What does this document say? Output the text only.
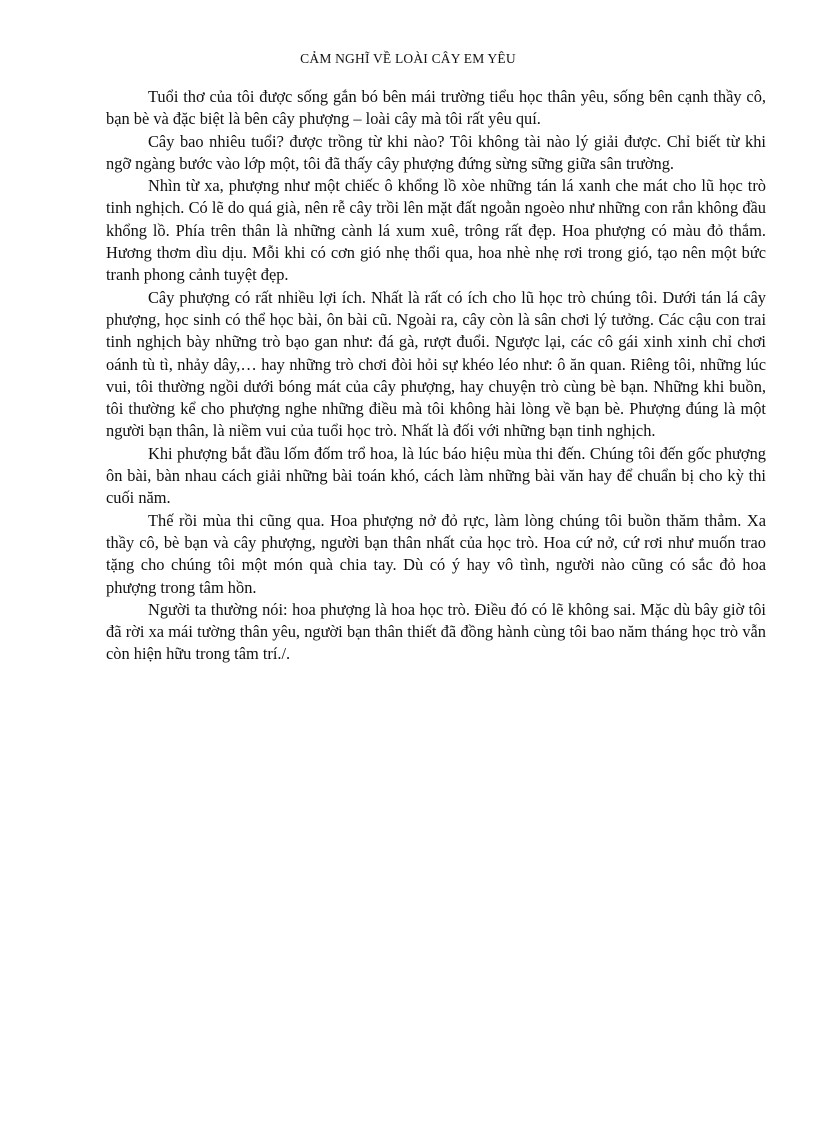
CẢM NGHĨ VỀ LOÀI CÂY EM YÊU

Tuổi thơ của tôi được sống gắn bó bên mái trường tiểu học thân yêu, sống bên cạnh thầy cô, bạn bè và đặc biệt là bên cây phượng – loài cây mà tôi rất yêu quí.

Cây bao nhiêu tuổi? được trồng từ khi nào? Tôi không tài nào lý giải được. Chỉ biết từ khi ngỡ ngàng bước vào lớp một, tôi đã thấy cây phượng đứng sừng sững giữa sân trường.

Nhìn từ xa, phượng như một chiếc ô khổng lồ xòe những tán lá xanh che mát cho lũ học trò tinh nghịch. Có lẽ do quá già, nên rễ cây trồi lên mặt đất ngoằn ngoèo như những con rắn không đầu khổng lồ. Phía trên thân là những cành lá xum xuê, trông rất đẹp. Hoa phượng có màu đỏ thắm. Hương thơm dìu dịu. Mỗi khi có cơn gió nhẹ thổi qua, hoa nhè nhẹ rơi trong gió, tạo nên một bức tranh phong cảnh tuyệt đẹp.

Cây phượng có rất nhiều lợi ích. Nhất là rất có ích cho lũ học trò chúng tôi. Dưới tán lá cây phượng, học sinh có thể học bài, ôn bài cũ. Ngoài ra, cây còn là sân chơi lý tưởng. Các cậu con trai tinh nghịch bày những trò bạo gan như: đá gà, rượt đuổi. Ngược lại, các cô gái xinh xinh chỉ chơi oánh tù tì, nhảy dây,… hay những trò chơi đòi hỏi sự khéo léo như: ô ăn quan. Riêng tôi, những lúc vui, tôi thường ngồi dưới bóng mát của cây phượng, hay chuyện trò cùng bè bạn. Những khi buồn, tôi thường kể cho phượng nghe những điều mà tôi không hài lòng về bạn bè. Phượng đúng là một người bạn thân, là niềm vui của tuổi học trò. Nhất là đối với những bạn tinh nghịch.

Khi phượng bắt đầu lốm đốm trổ hoa, là lúc báo hiệu mùa thi đến. Chúng tôi đến gốc phượng ôn bài, bàn nhau cách giải những bài toán khó, cách làm những bài văn hay để chuẩn bị cho kỳ thi cuối năm.

Thế rồi mùa thi cũng qua. Hoa phượng nở đỏ rực, làm lòng chúng tôi buồn thăm thẳm. Xa thầy cô, bè bạn và cây phượng, người bạn thân nhất của học trò. Hoa cứ nở, cứ rơi như muốn trao tặng cho chúng tôi một món quà chia tay. Dù có ý hay vô tình, người nào cũng có sắc đỏ hoa phượng trong tâm hồn.

Người ta thường nói: hoa phượng là hoa học trò. Điều đó có lẽ không sai. Mặc dù bây giờ tôi đã rời xa mái tường thân yêu, người bạn thân thiết đã đồng hành cùng tôi bao năm tháng học trò vẫn còn hiện hữu trong tâm trí./.
